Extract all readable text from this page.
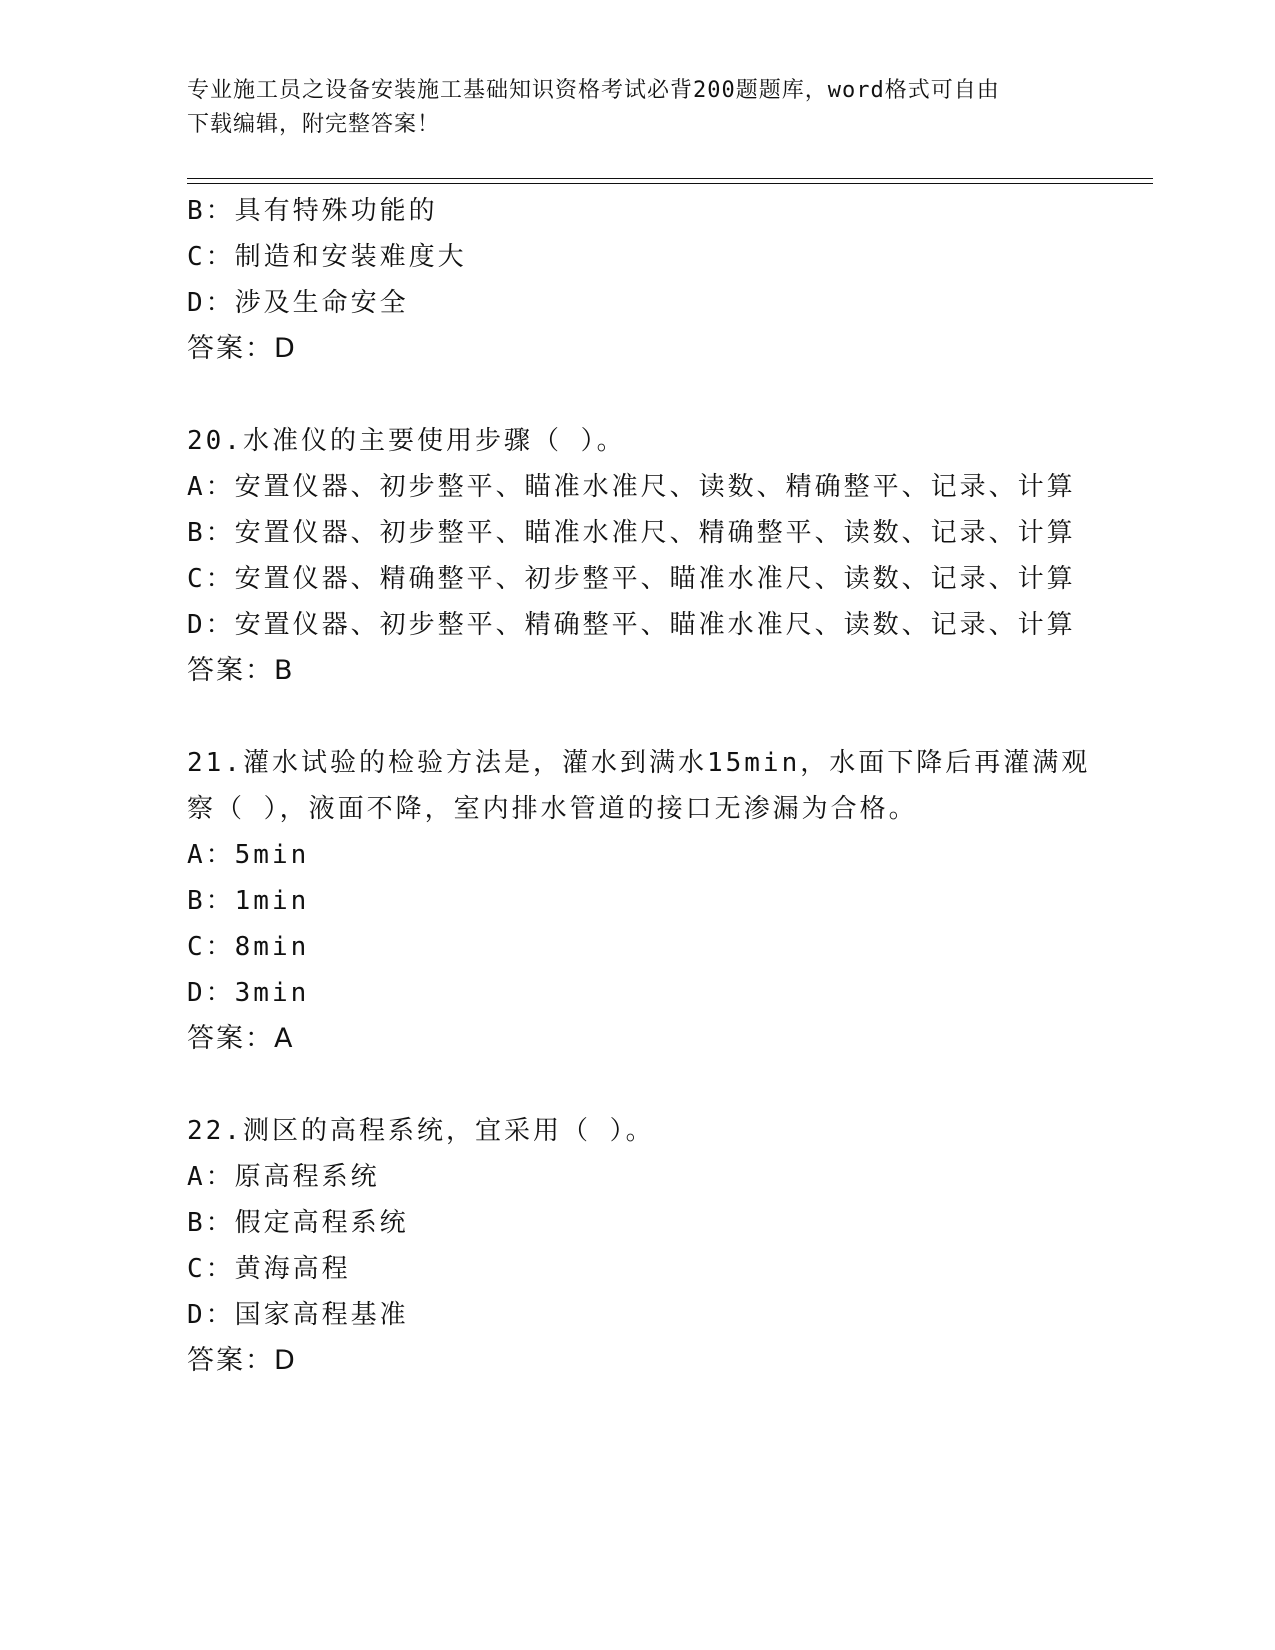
专业施工员之设备安装施工基础知识资格考试必背200题题库，word格式可自由
下载编辑，附完整答案！
B：具有特殊功能的
C：制造和安装难度大
D：涉及生命安全
答案：D
20.水准仪的主要使用步骤（ ）。
A：安置仪器、初步整平、瞄准水准尺、读数、精确整平、记录、计算
B：安置仪器、初步整平、瞄准水准尺、精确整平、读数、记录、计算
C：安置仪器、精确整平、初步整平、瞄准水准尺、读数、记录、计算
D：安置仪器、初步整平、精确整平、瞄准水准尺、读数、记录、计算
答案：B
21.灌水试验的检验方法是，灌水到满水15min，水面下降后再灌满观
察（ ），液面不降，室内排水管道的接口无渗漏为合格。
A：5min
B：1min
C：8min
D：3min
答案：A
22.测区的高程系统，宜采用（ ）。
A：原高程系统
B：假定高程系统
C：黄海高程
D：国家高程基准
答案：D
